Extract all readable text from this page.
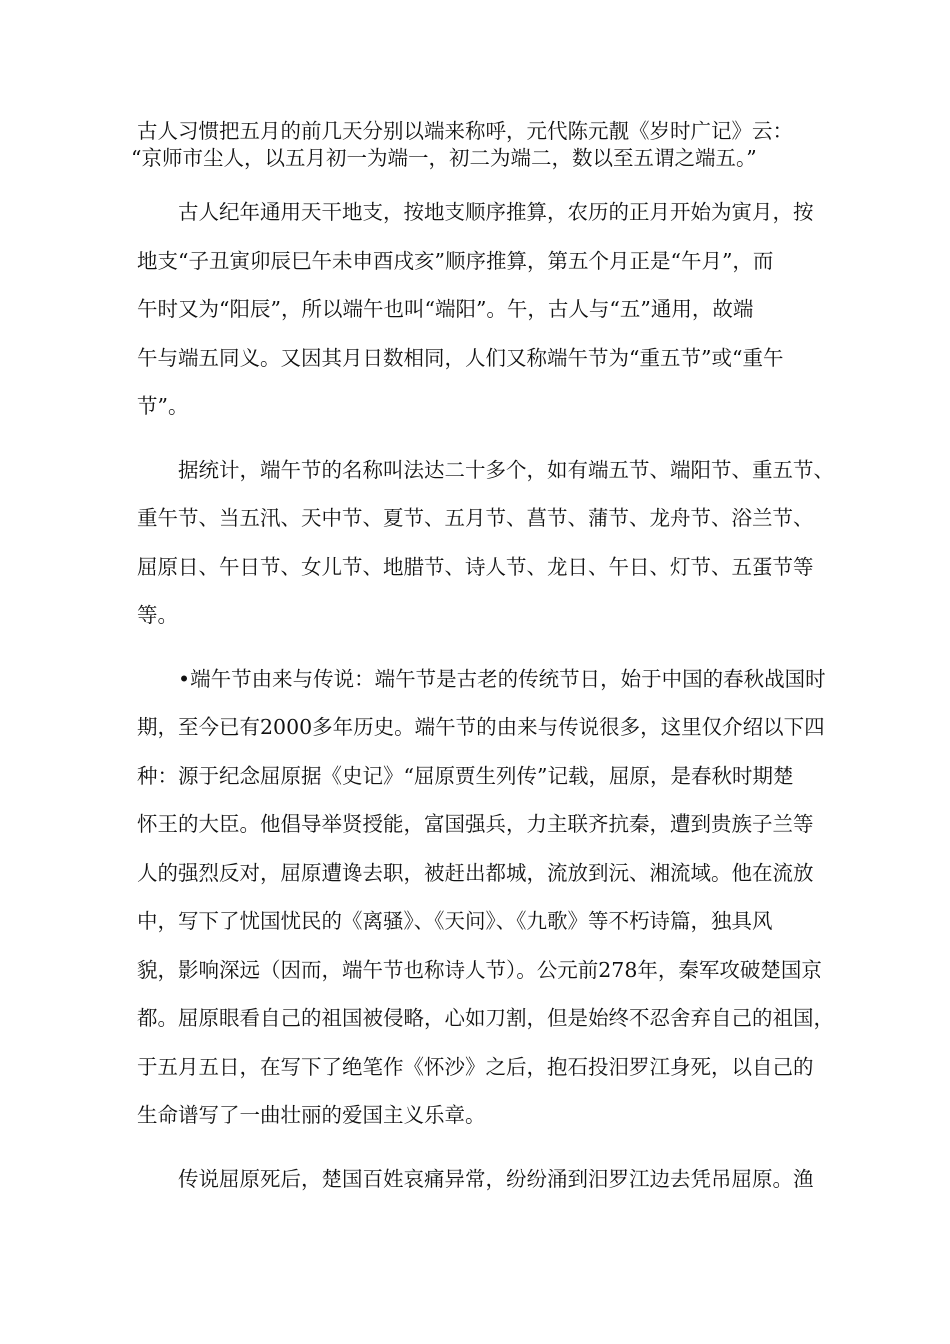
古人习惯把五月的前几天分别以端来称呼，元代陈元靓《岁时广记》云：
“京师市尘人，以五月初一为端一，初二为端二，数以至五谓之端五。”

古人纪年通用天干地支，按地支顺序推算，农历的正月开始为寅月，按
地支“子丑寅卯辰巳午未申酉戌亥”顺序推算，第五个月正是“午月”，而
午时又为“阳辰”，所以端午也叫“端阳”。午，古人与“五”通用，故端
午与端五同义。又因其月日数相同，人们又称端午节为“重五节”或“重午
节”。

据统计，端午节的名称叫法达二十多个，如有端五节、端阳节、重五节、
重午节、当五汛、天中节、夏节、五月节、菖节、蒲节、龙舟节、浴兰节、
屈原日、午日节、女儿节、地腊节、诗人节、龙日、午日、灯节、五蛋节等
等。

•端午节由来与传说：端午节是古老的传统节日，始于中国的春秋战国时
期，至今已有2000多年历史。端午节的由来与传说很多，这里仅介绍以下四
种：源于纪念屈原据《史记》“屈原贾生列传”记载，屈原，是春秋时期楚
怀王的大臣。他倡导举贤授能，富国强兵，力主联齐抗秦，遭到贵族子兰等
人的强烈反对，屈原遭谗去职，被赶出都城，流放到沅、湘流域。他在流放
中，写下了忧国忧民的《离骚》、《天问》、《九歌》等不朽诗篇，独具风
貌，影响深远（因而，端午节也称诗人节）。公元前278年，秦军攻破楚国京
都。屈原眼看自己的祖国被侵略，心如刀割，但是始终不忍舍弃自己的祖国，
于五月五日，在写下了绝笔作《怀沙》之后，抱石投汨罗江身死，以自己的
生命谱写了一曲壮丽的爱国主义乐章。

传说屈原死后，楚国百姓哀痛异常，纷纷涌到汨罗江边去凭吊屈原。渔
